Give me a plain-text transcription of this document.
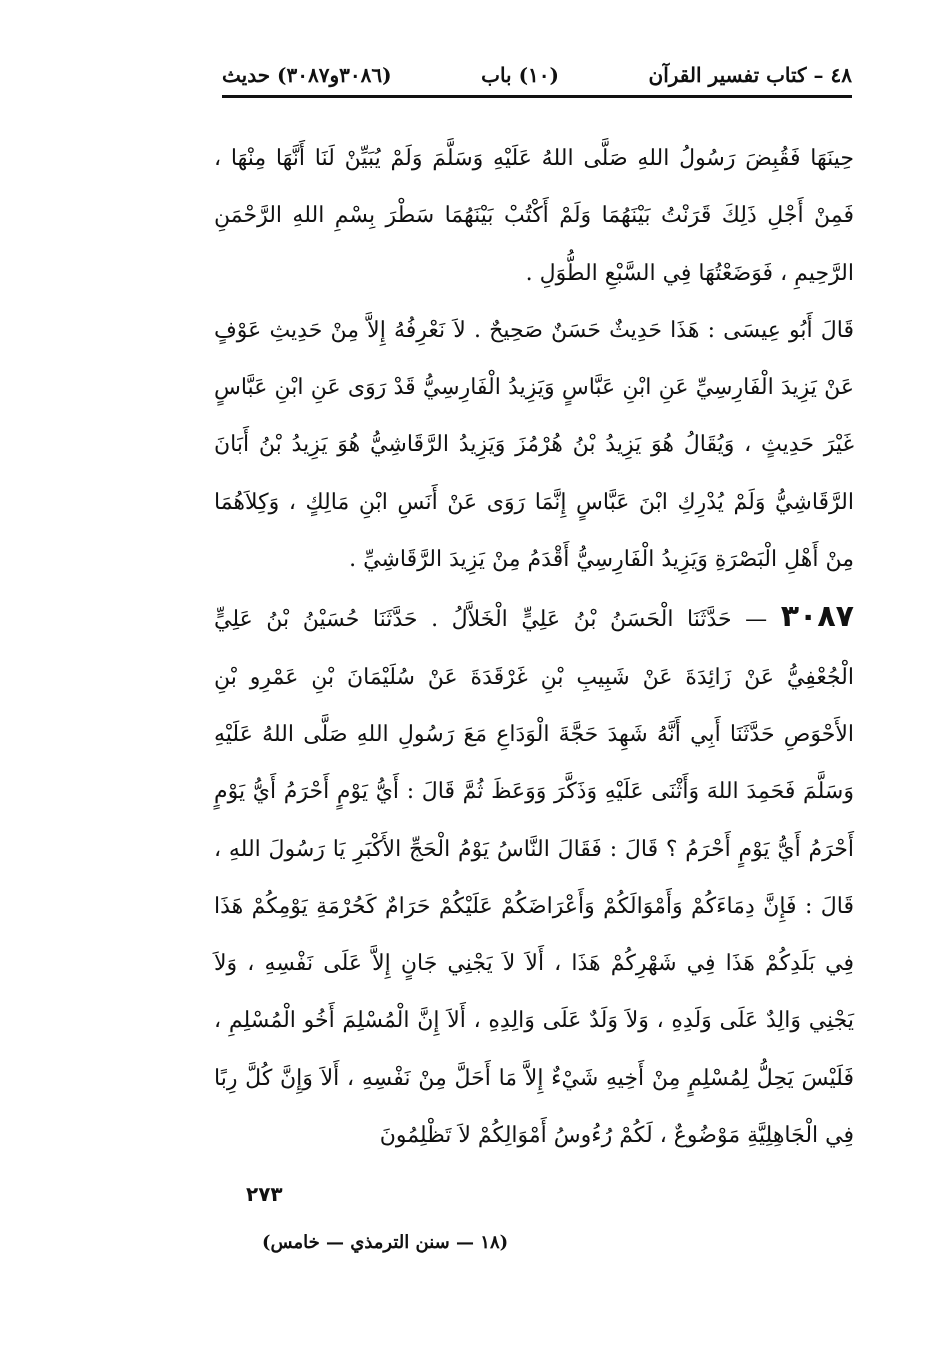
٤٨ – كتاب تفسير القرآن
(١٠) باب
(٣٠٨٦و٣٠٨٧) حديث

حِينَهَا فَقُبِضَ رَسُولُ اللهِ صَلَّى اللهُ عَلَيْهِ وَسَلَّمَ وَلَمْ يُبَيِّنْ لَنَا أَنَّهَا مِنْهَا ، فَمِنْ أَجْلِ ذَلِكَ قَرَنْتُ بَيْنَهُمَا وَلَمْ أَكْتُبْ بَيْنَهُمَا سَطْرَ بِسْمِ اللهِ الرَّحْمَنِ الرَّحِيمِ ، فَوَضَعْتُهَا فِي السَّبْعِ الطُّوَلِ .

قَالَ أَبُو عِيسَى : هَذَا حَدِيثٌ حَسَنٌ صَحِيحٌ . لاَ نَعْرِفُهُ إِلاَّ مِنْ حَدِيثِ عَوْفٍ عَنْ يَزِيدَ الْفَارِسِيِّ عَنِ ابْنِ عَبَّاسٍ وَيَزِيدُ الْفَارِسِيُّ قَدْ رَوَى عَنِ ابْنِ عَبَّاسٍ غَيْرَ حَدِيثٍ ، وَيُقَالُ هُوَ يَزِيدُ بْنُ هُرْمُزَ وَيَزِيدُ الرَّقَاشِيُّ هُوَ يَزِيدُ بْنُ أَبَانَ الرَّقَاشِيُّ وَلَمْ يُدْرِكِ ابْنَ عَبَّاسٍ إِنَّمَا رَوَى عَنْ أَنَسِ ابْنِ مَالِكٍ ، وَكِلاَهُمَا مِنْ أَهْلِ الْبَصْرَةِ وَيَزِيدُ الْفَارِسِيُّ أَقْدَمُ مِنْ يَزِيدَ الرَّقَاشِيِّ .

٣٠٨٧ — حَدَّثَنَا الْحَسَنُ بْنُ عَلِيٍّ الْخَلاَّلُ . حَدَّثَنَا حُسَيْنُ بْنُ عَلِيٍّ الْجُعْفِيُّ عَنْ زَائِدَةَ عَنْ شَبِيبِ بْنِ غَرْقَدَةَ عَنْ سُلَيْمَانَ بْنِ عَمْرِو بْنِ الأَحْوَصِ حَدَّثَنَا أَبِي أَنَّهُ شَهِدَ حَجَّةَ الْوَدَاعِ مَعَ رَسُولِ اللهِ صَلَّى اللهُ عَلَيْهِ وَسَلَّمَ فَحَمِدَ اللهَ وَأَثْنَى عَلَيْهِ وَذَكَّرَ وَوَعَظَ ثُمَّ قَالَ : أَيُّ يَوْمٍ أَحْرَمُ أَيُّ يَوْمٍ أَحْرَمُ أَيُّ يَوْمٍ أَحْرَمُ ؟ قَالَ : فَقَالَ النَّاسُ يَوْمُ الْحَجِّ الأَكْبَرِ يَا رَسُولَ اللهِ ، قَالَ : فَإِنَّ دِمَاءَكُمْ وَأَمْوَالَكُمْ وَأَعْرَاضَكُمْ عَلَيْكُمْ حَرَامٌ كَحُرْمَةِ يَوْمِكُمْ هَذَا فِي بَلَدِكُمْ هَذَا فِي شَهْرِكُمْ هَذَا ، أَلاَ لاَ يَجْنِي جَانٍ إِلاَّ عَلَى نَفْسِهِ ، وَلاَ يَجْنِي وَالِدٌ عَلَى وَلَدِهِ ، وَلاَ وَلَدٌ عَلَى وَالِدِهِ ، أَلاَ إِنَّ الْمُسْلِمَ أَخُو الْمُسْلِمِ ، فَلَيْسَ يَحِلُّ لِمُسْلِمٍ مِنْ أَخِيهِ شَيْءٌ إِلاَّ مَا أَحَلَّ مِنْ نَفْسِهِ ، أَلاَ وَإِنَّ كُلَّ رِبًا فِي الْجَاهِلِيَّةِ مَوْضُوعٌ ، لَكُمْ رُءُوسُ أَمْوَالِكُمْ لاَ تَظْلِمُونَ

٢٧٣
(١٨ — سنن الترمذي — خامس)
